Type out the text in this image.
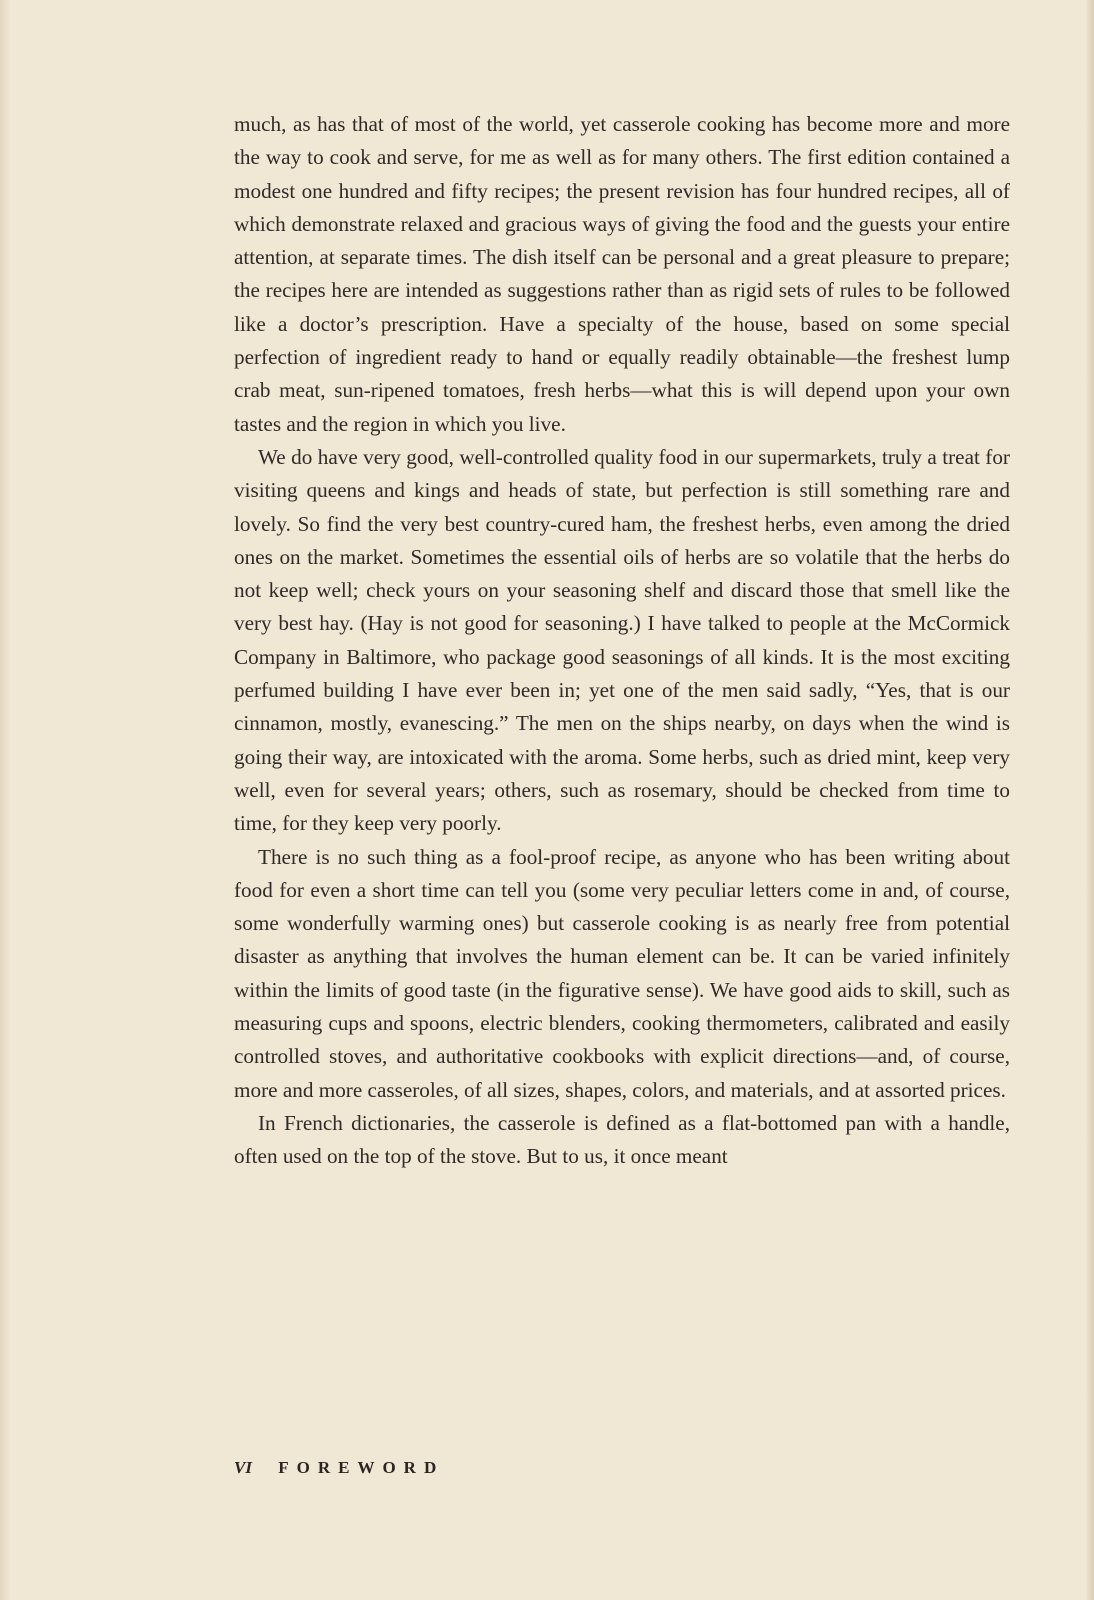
much, as has that of most of the world, yet casserole cooking has become more and more the way to cook and serve, for me as well as for many others. The first edition contained a modest one hundred and fifty recipes; the present revision has four hundred recipes, all of which demonstrate relaxed and gracious ways of giving the food and the guests your entire attention, at separate times. The dish itself can be personal and a great pleasure to prepare; the recipes here are intended as suggestions rather than as rigid sets of rules to be followed like a doctor’s prescription. Have a specialty of the house, based on some special perfection of ingredient ready to hand or equally readily obtainable—the freshest lump crab meat, sun-ripened tomatoes, fresh herbs—what this is will depend upon your own tastes and the region in which you live.

We do have very good, well-controlled quality food in our supermarkets, truly a treat for visiting queens and kings and heads of state, but perfection is still something rare and lovely. So find the very best country-cured ham, the freshest herbs, even among the dried ones on the market. Sometimes the essential oils of herbs are so volatile that the herbs do not keep well; check yours on your seasoning shelf and discard those that smell like the very best hay. (Hay is not good for seasoning.) I have talked to people at the McCormick Company in Baltimore, who package good seasonings of all kinds. It is the most exciting perfumed building I have ever been in; yet one of the men said sadly, “Yes, that is our cinnamon, mostly, evanescing.” The men on the ships nearby, on days when the wind is going their way, are intoxicated with the aroma. Some herbs, such as dried mint, keep very well, even for several years; others, such as rosemary, should be checked from time to time, for they keep very poorly.

There is no such thing as a fool-proof recipe, as anyone who has been writing about food for even a short time can tell you (some very peculiar letters come in and, of course, some wonderfully warming ones) but casserole cooking is as nearly free from potential disaster as anything that involves the human element can be. It can be varied infinitely within the limits of good taste (in the figurative sense). We have good aids to skill, such as measuring cups and spoons, electric blenders, cooking thermometers, calibrated and easily controlled stoves, and authoritative cookbooks with explicit directions—and, of course, more and more casseroles, of all sizes, shapes, colors, and materials, and at assorted prices.

In French dictionaries, the casserole is defined as a flat-bottomed pan with a handle, often used on the top of the stove. But to us, it once meant

VI FOREWORD
